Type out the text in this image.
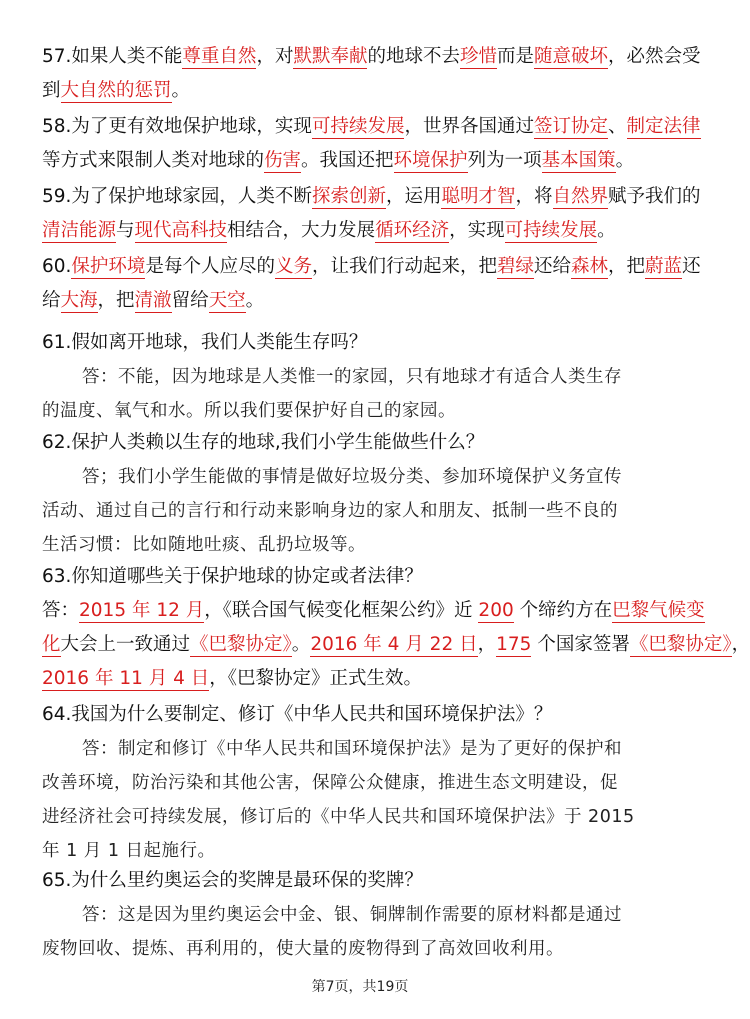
57.如果人类不能尊重自然，对默默奉献的地球不去珍惜而是随意破坏，必然会受
到大自然的惩罚。
58.为了更有效地保护地球，实现可持续发展，世界各国通过签订协定、制定法律
等方式来限制人类对地球的伤害。我国还把环境保护列为一项基本国策。
59.为了保护地球家园，人类不断探索创新，运用聪明才智，将自然界赋予我们的
清洁能源与现代高科技相结合，大力发展循环经济，实现可持续发展。
60.保护环境是每个人应尽的义务，让我们行动起来，把碧绿还给森林，把蔚蓝还
给大海，把清澈留给天空。
61.假如离开地球，我们人类能生存吗？
答：不能，因为地球是人类惟一的家园，只有地球才有适合人类生存
的温度、氧气和水。所以我们要保护好自己的家园。
62.保护人类赖以生存的地球,我们小学生能做些什么？
答；我们小学生能做的事情是做好垃圾分类、参加环境保护义务宣传
活动、通过自己的言行和行动来影响身边的家人和朋友、抵制一些不良的
生活习惯：比如随地吐痰、乱扔垃圾等。
63.你知道哪些关于保护地球的协定或者法律？
答：2015 年 12 月，《联合国气候变化框架公约》近 200 个缔约方在巴黎气候变
化大会上一致通过《巴黎协定》。2016 年 4 月 22 日，175 个国家签署《巴黎协定》，
2016 年 11 月 4 日，《巴黎协定》正式生效。
64.我国为什么要制定、修订《中华人民共和国环境保护法》？
答：制定和修订《中华人民共和国环境保护法》是为了更好的保护和
改善环境，防治污染和其他公害，保障公众健康，推进生态文明建设，促
进经济社会可持续发展，修订后的《中华人民共和国环境保护法》于 2015
年 1 月 1 日起施行。
65.为什么里约奥运会的奖牌是最环保的奖牌？
答：这是因为里约奥运会中金、银、铜牌制作需要的原材料都是通过
废物回收、提炼、再利用的，使大量的废物得到了高效回收利用。
第7页，共19页
